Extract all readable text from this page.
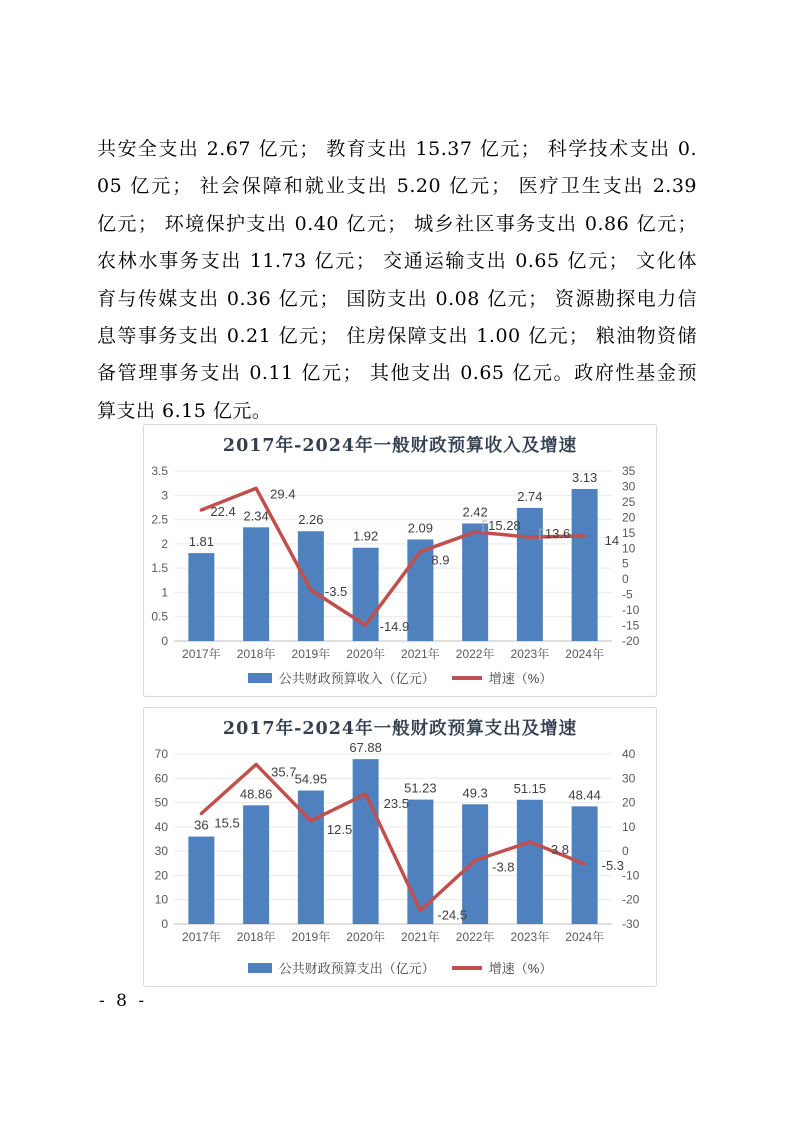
共安全支出 2.67 亿元； 教育支出 15.37 亿元； 科学技术支出 0.
05 亿元； 社会保障和就业支出 5.20 亿元； 医疗卫生支出 2.39
亿元； 环境保护支出 0.40 亿元； 城乡社区事务支出 0.86 亿元；
农林水事务支出 11.73 亿元； 交通运输支出 0.65 亿元； 文化体
育与传媒支出 0.36 亿元； 国防支出 0.08 亿元； 资源勘探电力信
息等事务支出 0.21 亿元； 住房保障支出 1.00 亿元； 粮油物资储
备管理事务支出 0.11 亿元； 其他支出 0.65 亿元。政府性基金预
算支出 6.15 亿元。
2017年-2024年一般财政预算收入及增速
3.5
3
2.5
2
1.5
1
0.5
0
35
30
25
20
15
10
5
0
-5
-10
-15
-20
2017年 2018年 2019年 2020年 2021年 2022年 2023年 2024年
1.81
2.34 2.26
1.92
2.09
2.42
2.74
3.13
22.4
29.4
-3.5
-14.9
8.9
15.28
13.6	14
公共财政预算收入（亿元）	增速（%）
2017年-2024年一般财政预算支出及增速
70
60
50
40
30
20
10
0
40
30
20
10
0
-10
-20
-30
2017年 2018年 2019年 2020年 2021年 2022年 2023年 2024年
36
48.86
54.95
67.88
51.23 49.3 51.15 48.44
15.5
35.7
12.5
23.5
-24.5
-3.8
3.8
-5.3
公共财政预算支出（亿元）	增速（%）
- 8 -
